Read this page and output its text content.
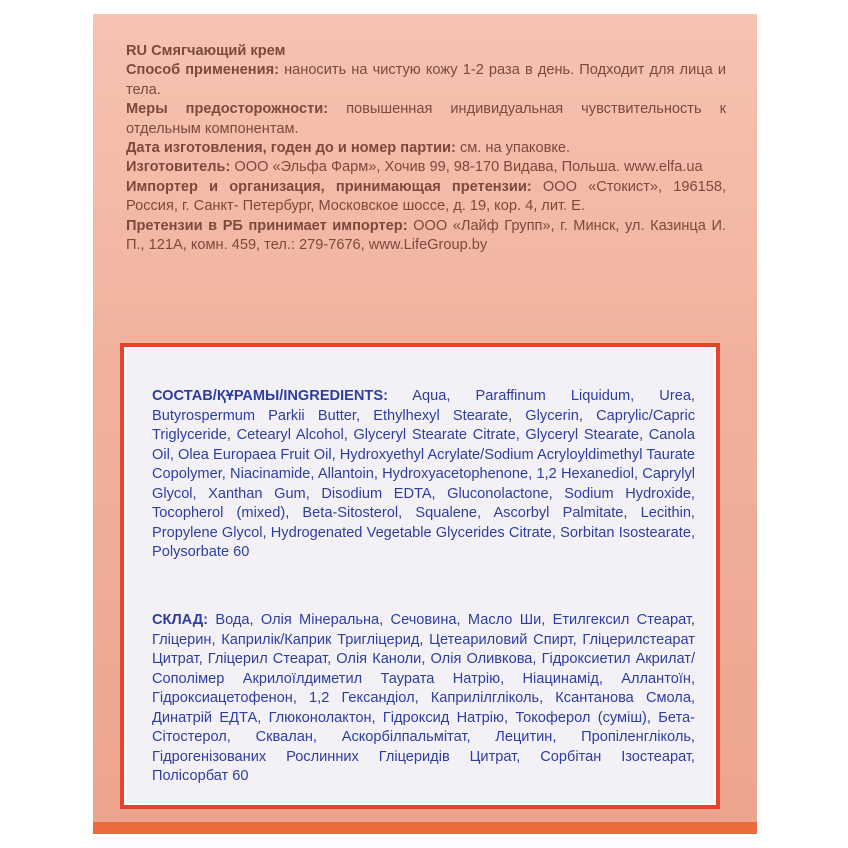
RU Смягчающий крем

Способ применения: наносить на чистую кожу 1-2 раза в день. Подходит для лица и тела.

Меры предосторожности: повышенная индивидуальная чувствительность к отдельным компонентам.

Дата изготовления, годен до и номер партии: см. на упаковке.

Изготовитель: ООО «Эльфа Фарм», Хочив 99, 98-170 Видава, Польша. www.elfa.ua

Импортер и организация, принимающая претензии: ООО «Стокист», 196158, Россия, г. Санкт- Петербург, Московское шоссе, д. 19, кор. 4, лит. Е.

Претензии в РБ принимает импортер: ООО «Лайф Групп», г. Минск, ул. Казинца И. П., 121А, комн. 459, тел.: 279-7676, www.LifeGroup.by

СОСТАВ/ҚҰРАМЫ/INGREDIENTS: Aqua, Paraffinum Liquidum, Urea, Butyrospermum Parkii Butter, Ethylhexyl Stearate, Glycerin, Caprylic/Capric Triglyceride, Cetearyl Alcohol, Glyceryl Stearate Citrate, Glyceryl Stearate, Canola Oil, Olea Europaea Fruit Oil, Hydroxyethyl Acrylate/Sodium Acryloyldimethyl Taurate Copolymer, Niacinamide, Allantoin, Hydroxyacetophenone, 1,2 Hexanediol, Caprylyl Glycol, Xanthan Gum, Disodium EDTA, Gluconolactone, Sodium Hydroxide, Tocopherol (mixed), Beta-Sitosterol, Squalene, Ascorbyl Palmitate, Lecithin, Propylene Glycol, Hydrogenated Vegetable Glycerides Citrate, Sorbitan Isostearate, Polysorbate 60
СКЛАД: Вода, Олія Мінеральна, Сечовина, Масло Ши, Етилгексил Стеарат, Гліцерин, Каприлік/Каприк Тригліцерид, Цетеариловий Спирт, Гліцерилстеарат Цитрат, Гліцерил Стеарат, Олія Каноли, Олія Оливкова, Гідроксиетил Акрилат/Сополімер Акрилоїлдиметил Таурата Натрію, Ніацинамід, Аллантоїн, Гідроксиацетофенон, 1,2 Гександіол, Каприлілгліколь, Ксантанова Смола, Динатрій ЕДТА, Глюконолактон, Гідроксид Натрію, Токоферол (суміш), Бета-Сітостерол, Сквалан, Аскорбілпальмітат, Лецитин, Пропіленгліколь, Гідрогенізованих Рослинних Гліцеридів Цитрат, Сорбітан Ізостеарат, Полісорбат 60
